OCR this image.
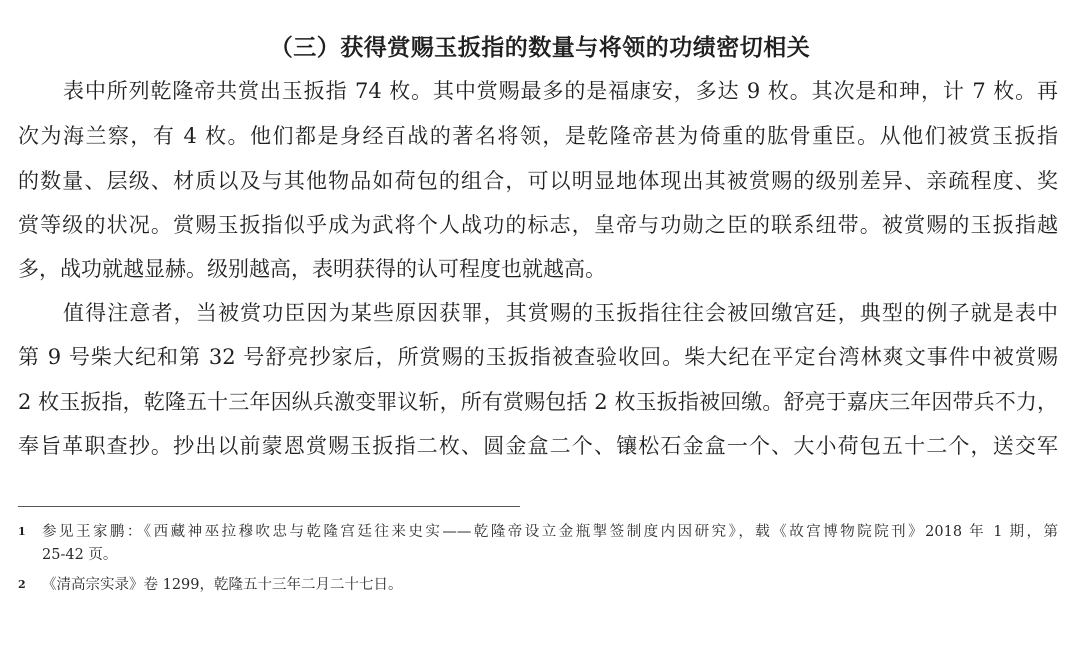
（三）获得赏赐玉扳指的数量与将领的功绩密切相关
表中所列乾隆帝共赏出玉扳指 74 枚。其中赏赐最多的是福康安，多达 9 枚。其次是和珅，计 7 枚。再
次为海兰察，有 4 枚。他们都是身经百战的著名将领，是乾隆帝甚为倚重的肱骨重臣。从他们被赏玉扳指
的数量、层级、材质以及与其他物品如荷包的组合，可以明显地体现出其被赏赐的级别差异、亲疏程度、奖
赏等级的状况。赏赐玉扳指似乎成为武将个人战功的标志，皇帝与功勋之臣的联系纽带。被赏赐的玉扳指越
多，战功就越显赫。级别越高，表明获得的认可程度也就越高。
值得注意者，当被赏功臣因为某些原因获罪，其赏赐的玉扳指往往会被回缴宫廷，典型的例子就是表中
第 9 号柴大纪和第 32 号舒亮抄家后，所赏赐的玉扳指被查验收回。柴大纪在平定台湾林爽文事件中被赏赐
2 枚玉扳指，乾隆五十三年因纵兵激变罪议斩，所有赏赐包括 2 枚玉扳指被回缴。舒亮于嘉庆三年因带兵不力，
奉旨革职查抄。抄出以前蒙恩赏赐玉扳指二枚、圆金盒二个、镶松石金盒一个、大小荷包五十二个，送交军
1	参见王家鹏：《西藏神巫拉穆吹忠与乾隆宫廷往来史实——乾隆帝设立金瓶掣签制度内因研究》，载《故宫博物院院刊》2018 年 1 期，第
25-42 页。
2	《清高宗实录》卷 1299，乾隆五十三年二月二十七日。
